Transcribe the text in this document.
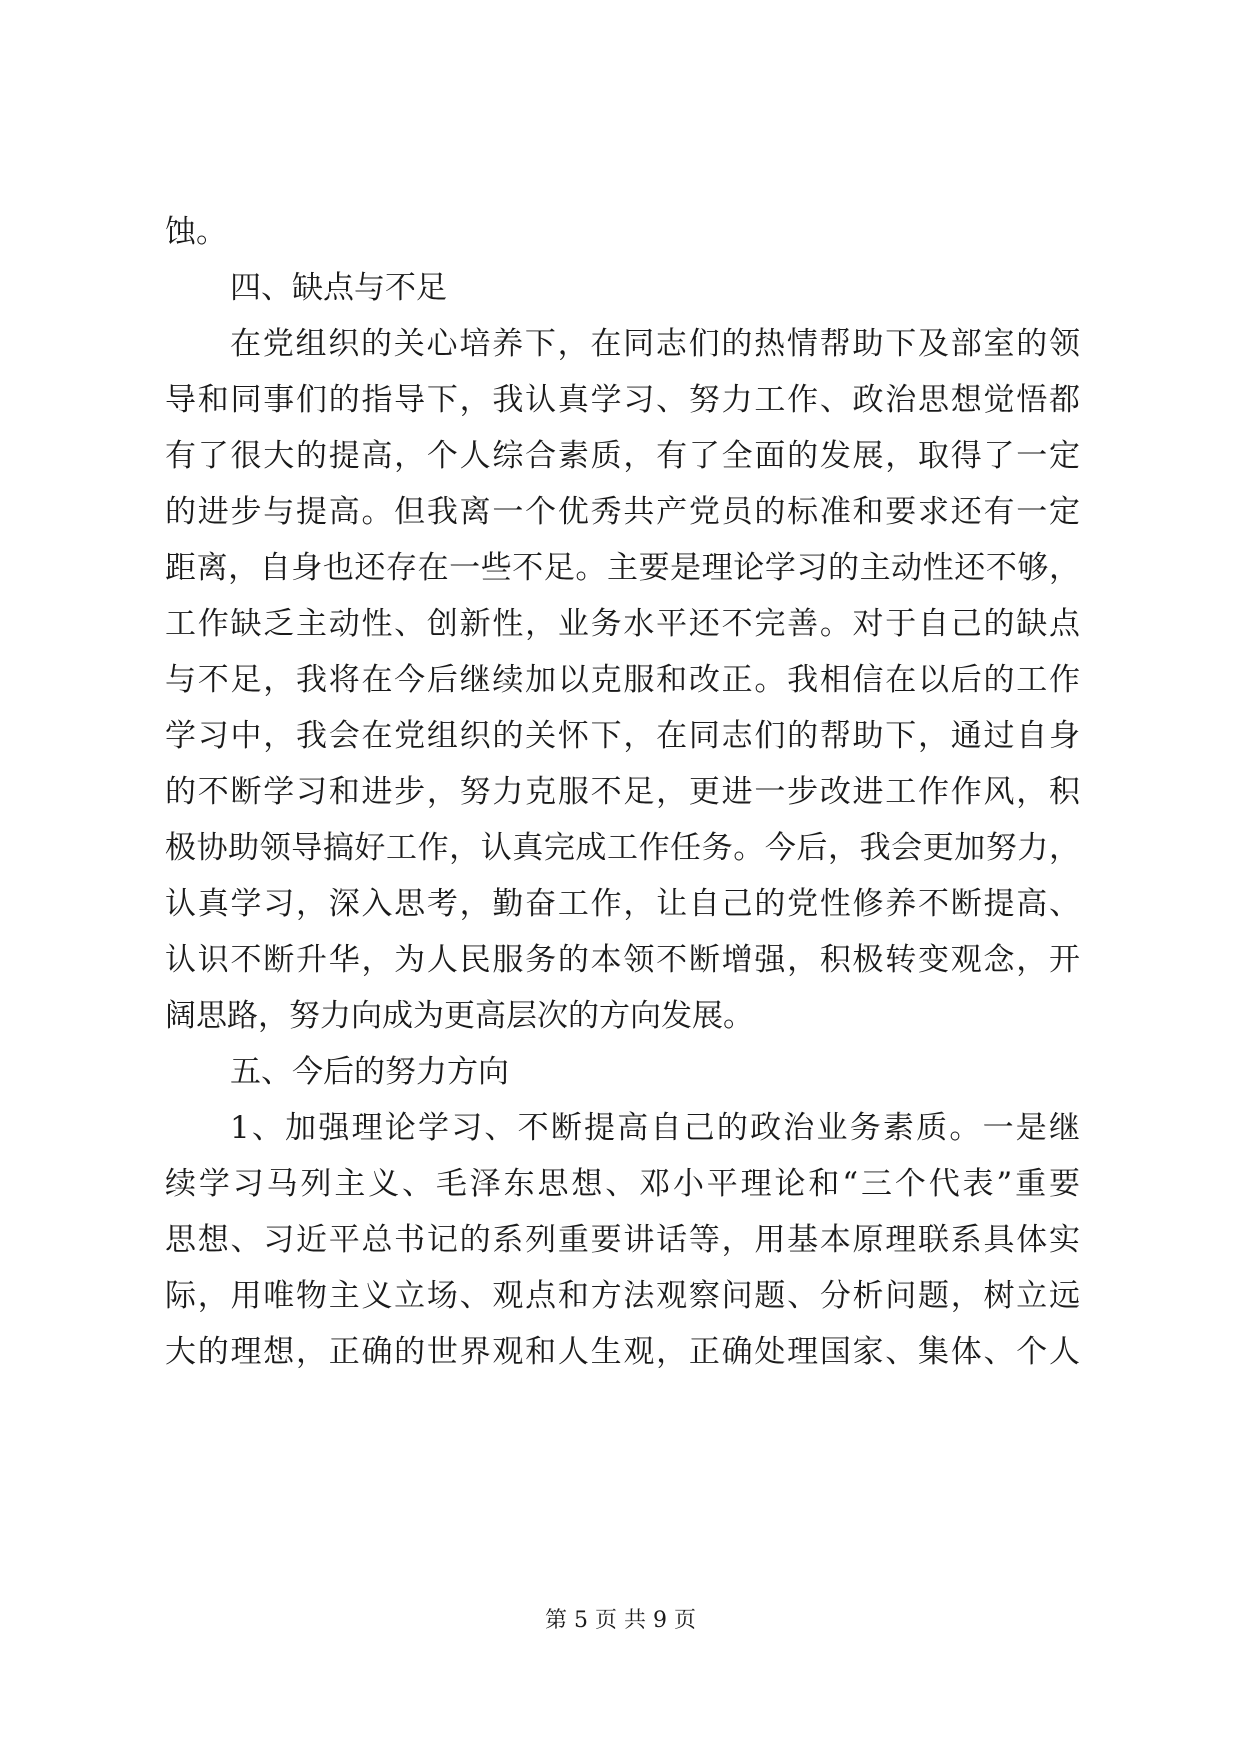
蚀。
四、缺点与不足
在党组织的关心培养下，在同志们的热情帮助下及部室的领
导和同事们的指导下，我认真学习、努力工作、政治思想觉悟都
有了很大的提高，个人综合素质，有了全面的发展，取得了一定
的进步与提高。但我离一个优秀共产党员的标准和要求还有一定
距离，自身也还存在一些不足。主要是理论学习的主动性还不够，
工作缺乏主动性、创新性，业务水平还不完善。对于自己的缺点
与不足，我将在今后继续加以克服和改正。我相信在以后的工作
学习中，我会在党组织的关怀下，在同志们的帮助下，通过自身
的不断学习和进步，努力克服不足，更进一步改进工作作风，积
极协助领导搞好工作，认真完成工作任务。今后，我会更加努力，
认真学习，深入思考，勤奋工作，让自己的党性修养不断提高、
认识不断升华，为人民服务的本领不断增强，积极转变观念，开
阔思路，努力向成为更高层次的方向发展。
五、今后的努力方向
1、加强理论学习、不断提高自己的政治业务素质。一是继
续学习马列主义、毛泽东思想、邓小平理论和“三个代表”重要
思想、习近平总书记的系列重要讲话等，用基本原理联系具体实
际，用唯物主义立场、观点和方法观察问题、分析问题，树立远
大的理想，正确的世界观和人生观，正确处理国家、集体、个人
第 5 页 共 9 页
